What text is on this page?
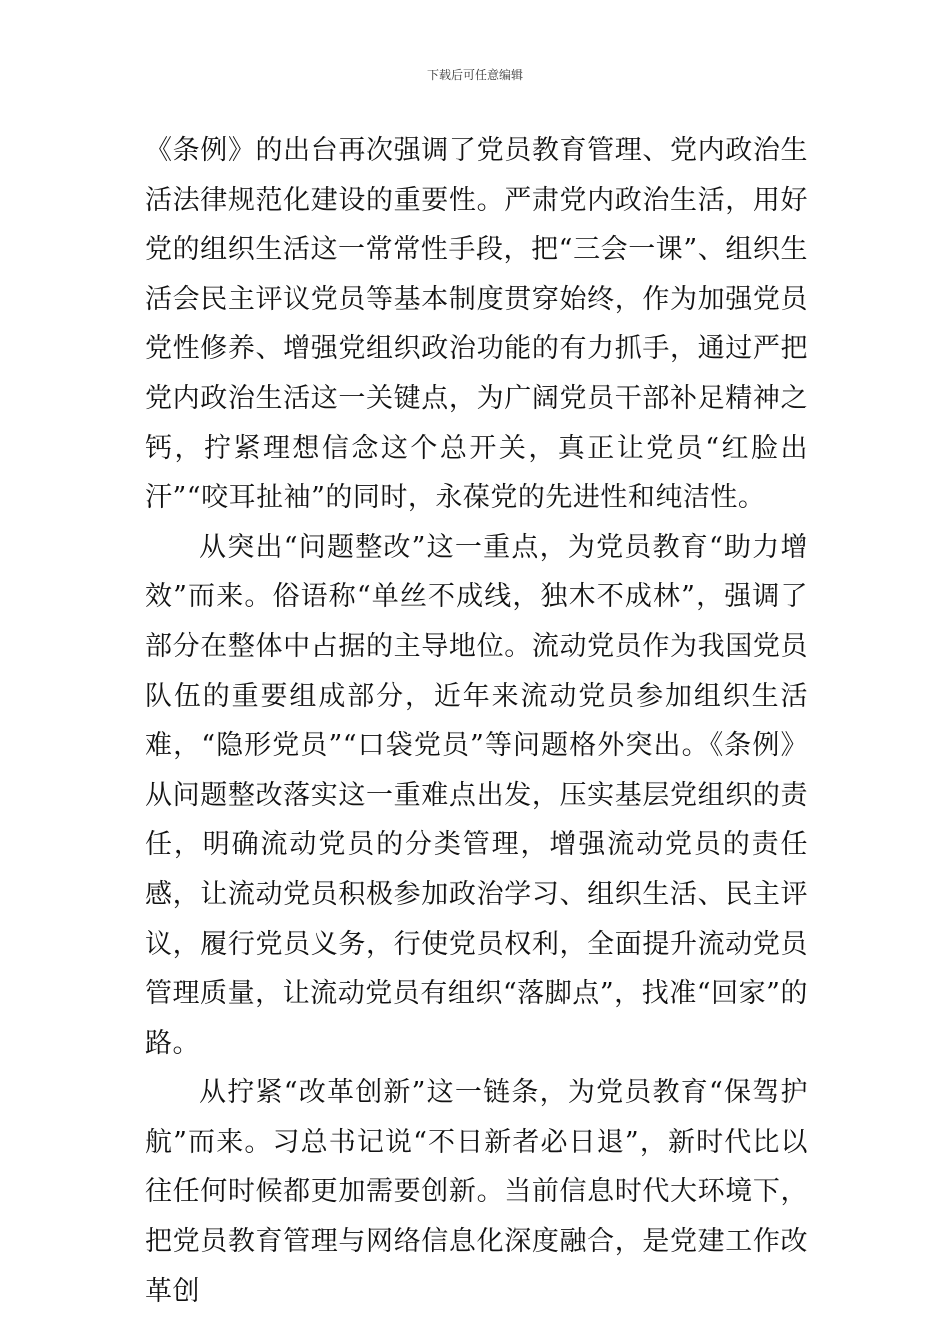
下载后可任意编辑

《条例》的出台再次强调了党员教育管理、党内政治生活法律规范化建设的重要性。严肃党内政治生活，用好党的组织生活这一常常性手段，把“三会一课”、组织生活会民主评议党员等基本制度贯穿始终，作为加强党员党性修养、增强党组织政治功能的有力抓手，通过严把党内政治生活这一关键点，为广阔党员干部补足精神之钙，拧紧理想信念这个总开关，真正让党员“红脸出汗”“咬耳扯袖”的同时，永葆党的先进性和纯洁性。

从突出“问题整改”这一重点，为党员教育“助力增效”而来。俗语称“单丝不成线，独木不成林”，强调了部分在整体中占据的主导地位。流动党员作为我国党员队伍的重要组成部分，近年来流动党员参加组织生活难，“隐形党员”“口袋党员”等问题格外突出。《条例》从问题整改落实这一重难点出发，压实基层党组织的责任，明确流动党员的分类管理，增强流动党员的责任感，让流动党员积极参加政治学习、组织生活、民主评议，履行党员义务，行使党员权利，全面提升流动党员管理质量，让流动党员有组织“落脚点”，找准“回家”的路。

从拧紧“改革创新”这一链条，为党员教育“保驾护航”而来。习总书记说“不日新者必日退”，新时代比以往任何时候都更加需要创新。当前信息时代大环境下，把党员教育管理与网络信息化深度融合，是党建工作改革创
